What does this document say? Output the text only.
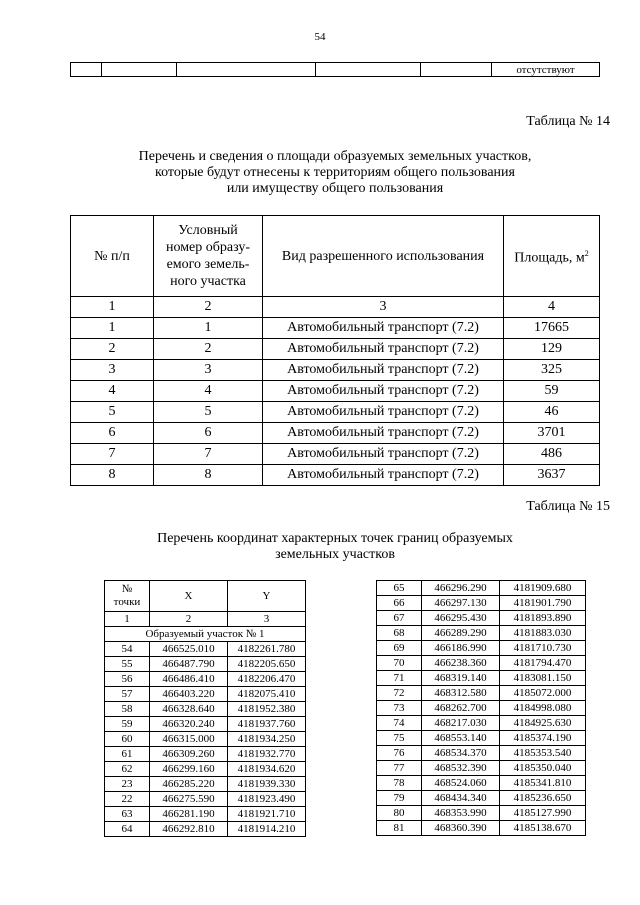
54
					отсутствуют
Таблица № 14
Перечень и сведения о площади образуемых земельных участков,
которые будут отнесены к территориям общего пользования
или имуществу общего пользования
№ п/п	Условный
номер образу-
емого земель-
ного участка	Вид разрешенного использования	Площадь, $м^2$
1	2	3	4
1	1	Автомобильный транспорт (7.2)	17665
2	2	Автомобильный транспорт (7.2)	129
3	3	Автомобильный транспорт (7.2)	325
4	4	Автомобильный транспорт (7.2)	59
5	5	Автомобильный транспорт (7.2)	46
6	6	Автомобильный транспорт (7.2)	3701
7	7	Автомобильный транспорт (7.2)	486
8	8	Автомобильный транспорт (7.2)	3637
Таблица № 15
Перечень координат характерных точек границ образуемых
земельных участков
№
точки	X	Y
1	2	3
Образуемый участок № 1		
54	466525.010	4182261.780
55	466487.790	4182205.650
56	466486.410	4182206.470
57	466403.220	4182075.410
58	466328.640	4181952.380
59	466320.240	4181937.760
60	466315.000	4181934.250
61	466309.260	4181932.770
62	466299.160	4181934.620
23	466285.220	4181939.330
22	466275.590	4181923.490
63	466281.190	4181921.710
64	466292.810	4181914.210
65	466296.290	4181909.680
66	466297.130	4181901.790
67	466295.430	4181893.890
68	466289.290	4181883.030
69	466186.990	4181710.730
70	466238.360	4181794.470
71	468319.140	4183081.150
72	468312.580	4185072.000
73	468262.700	4184998.080
74	468217.030	4184925.630
75	468553.140	4185374.190
76	468534.370	4185353.540
77	468532.390	4185350.040
78	468524.060	4185341.810
79	468434.340	4185236.650
80	468353.990	4185127.990
81	468360.390	4185138.670
